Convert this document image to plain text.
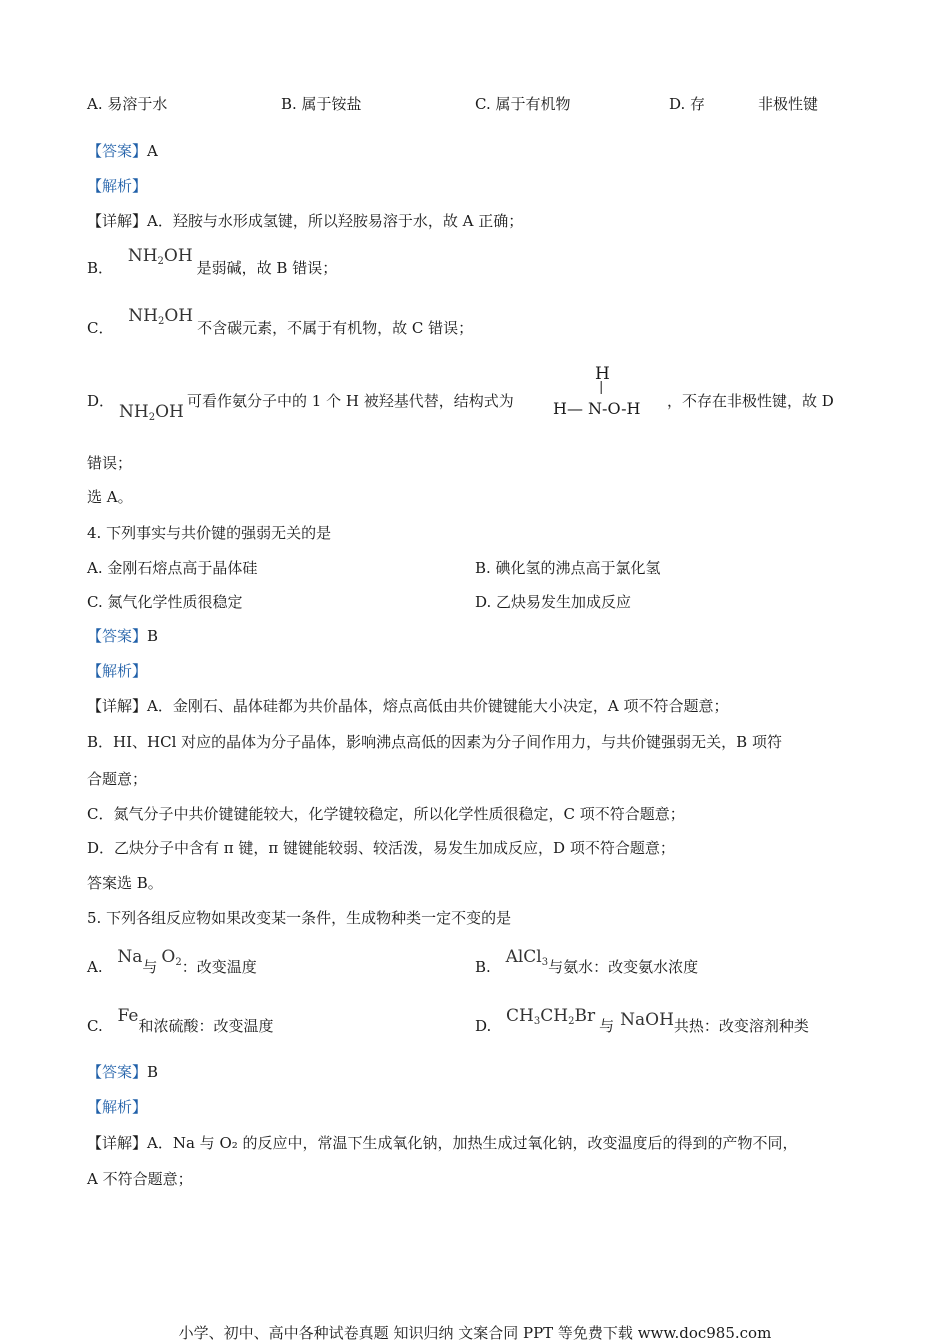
A. 易溶于水	B. 属于铵盐	C. 属于有机物	D. 存	非极性键
【答案】A
【解析】
【详解】A．羟胺与水形成氢键，所以羟胺易溶于水，故 A 正确；
B． $NH_2OH$是弱碱，故 B 错误；
C． $NH_2OH$不含碳元素，不属于有机物，故 C 错误；
D．
$NH_2OH$
可看作氨分子中的 1 个 H 被羟基代替，结构式为
H
|
H— N-O-H ，不存在非极性键，故 D
错误；
选 A。
4. 下列事实与共价键的强弱无关的是
A. 金刚石熔点高于晶体硅	B. 碘化氢的沸点高于氯化氢
C. 氮气化学性质很稳定	D. 乙炔易发生加成反应
【答案】B
【解析】
【详解】A．金刚石、晶体硅都为共价晶体，熔点高低由共价键键能大小决定，A 项不符合题意；
B．HI、HCl 对应的晶体为分子晶体，影响沸点高低的因素为分子间作用力，与共价键强弱无关，B 项符
合题意；
C．氮气分子中共价键键能较大，化学键较稳定，所以化学性质很稳定，C 项不符合题意；
D．乙炔分子中含有 π 键，π 键键能较弱、较活泼，易发生加成反应，D 项不符合题意；
答案选 B。
5. 下列各组反应物如果改变某一条件，生成物种类一定不变的是
A. Na与 $O_2$：改变温度	B. AlCl$_3$与氨水：改变氨水浓度
C. Fe和浓硫酸：改变温度	D. $CH_3CH_2Br$ 与 NaOH共热：改变溶剂种类
【答案】B
【解析】
【详解】A．Na 与 O₂ 的反应中，常温下生成氧化钠，加热生成过氧化钠，改变温度后的得到的产物不同，
A 不符合题意；
小学、初中、高中各种试卷真题 知识归纳 文案合同 PPT 等免费下载 www.doc985.com
